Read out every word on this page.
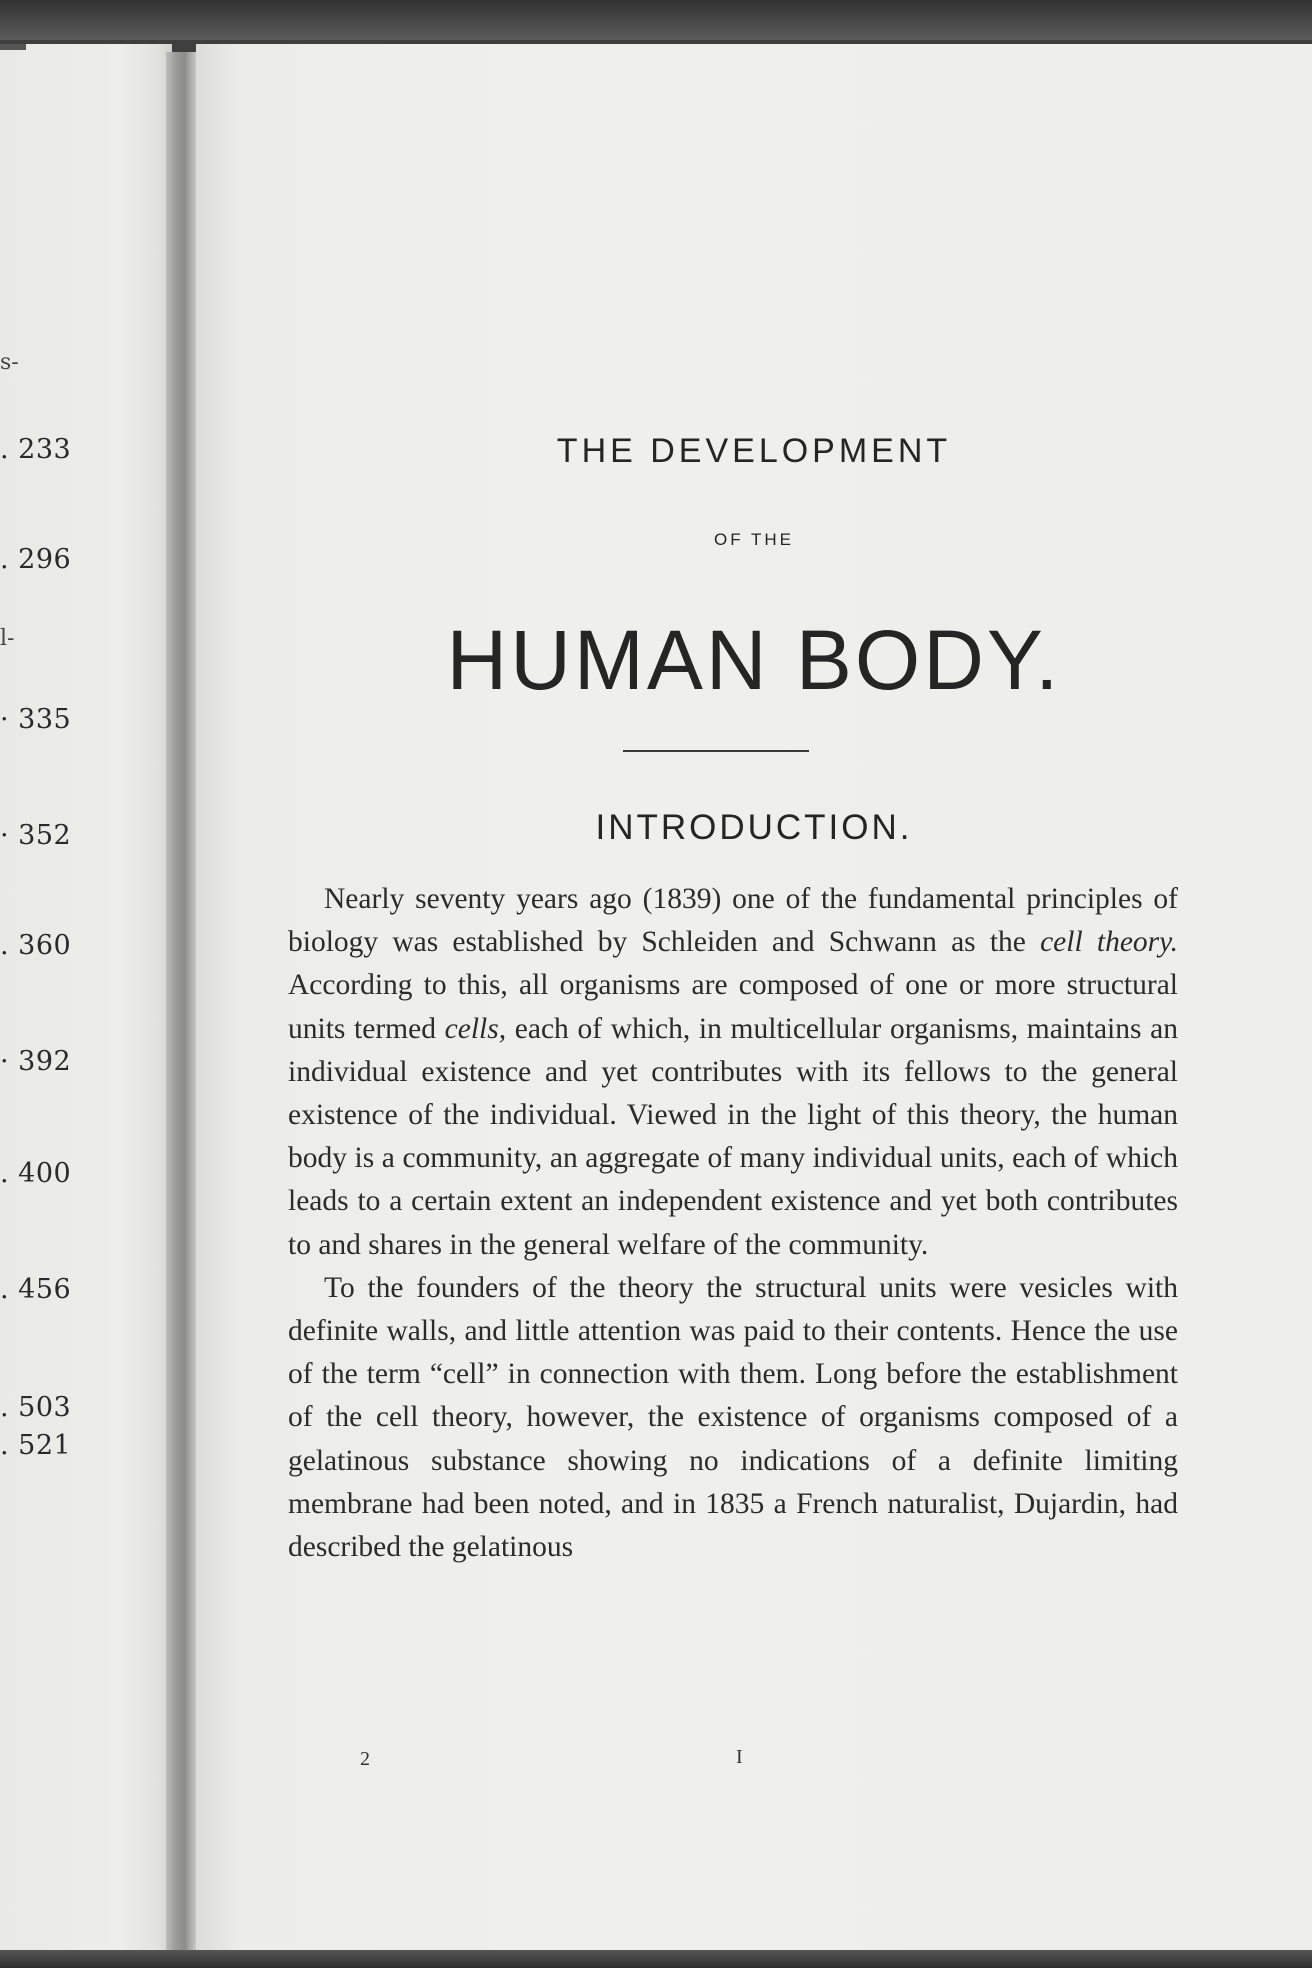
s-
. 233
. 296
l-
· 335
· 352
. 360
· 392
. 400
. 456
. 503
. 521
THE DEVELOPMENT
OF THE
HUMAN BODY.
INTRODUCTION.

Nearly seventy years ago (1839) one of the fundamental principles of biology was established by Schleiden and Schwann as the cell theory. According to this, all organisms are composed of one or more structural units termed cells, each of which, in multicellular organisms, maintains an individual existence and yet contributes with its fellows to the general existence of the individual. Viewed in the light of this theory, the human body is a community, an aggregate of many individual units, each of which leads to a certain extent an independent existence and yet both contributes to and shares in the general welfare of the community.

To the founders of the theory the structural units were vesicles with definite walls, and little attention was paid to their contents. Hence the use of the term “cell” in connection with them. Long before the establishment of the cell theory, however, the existence of organisms composed of a gelatinous substance showing no indications of a definite limiting membrane had been noted, and in 1835 a French naturalist, Dujardin, had described the gelatinous

2	I
